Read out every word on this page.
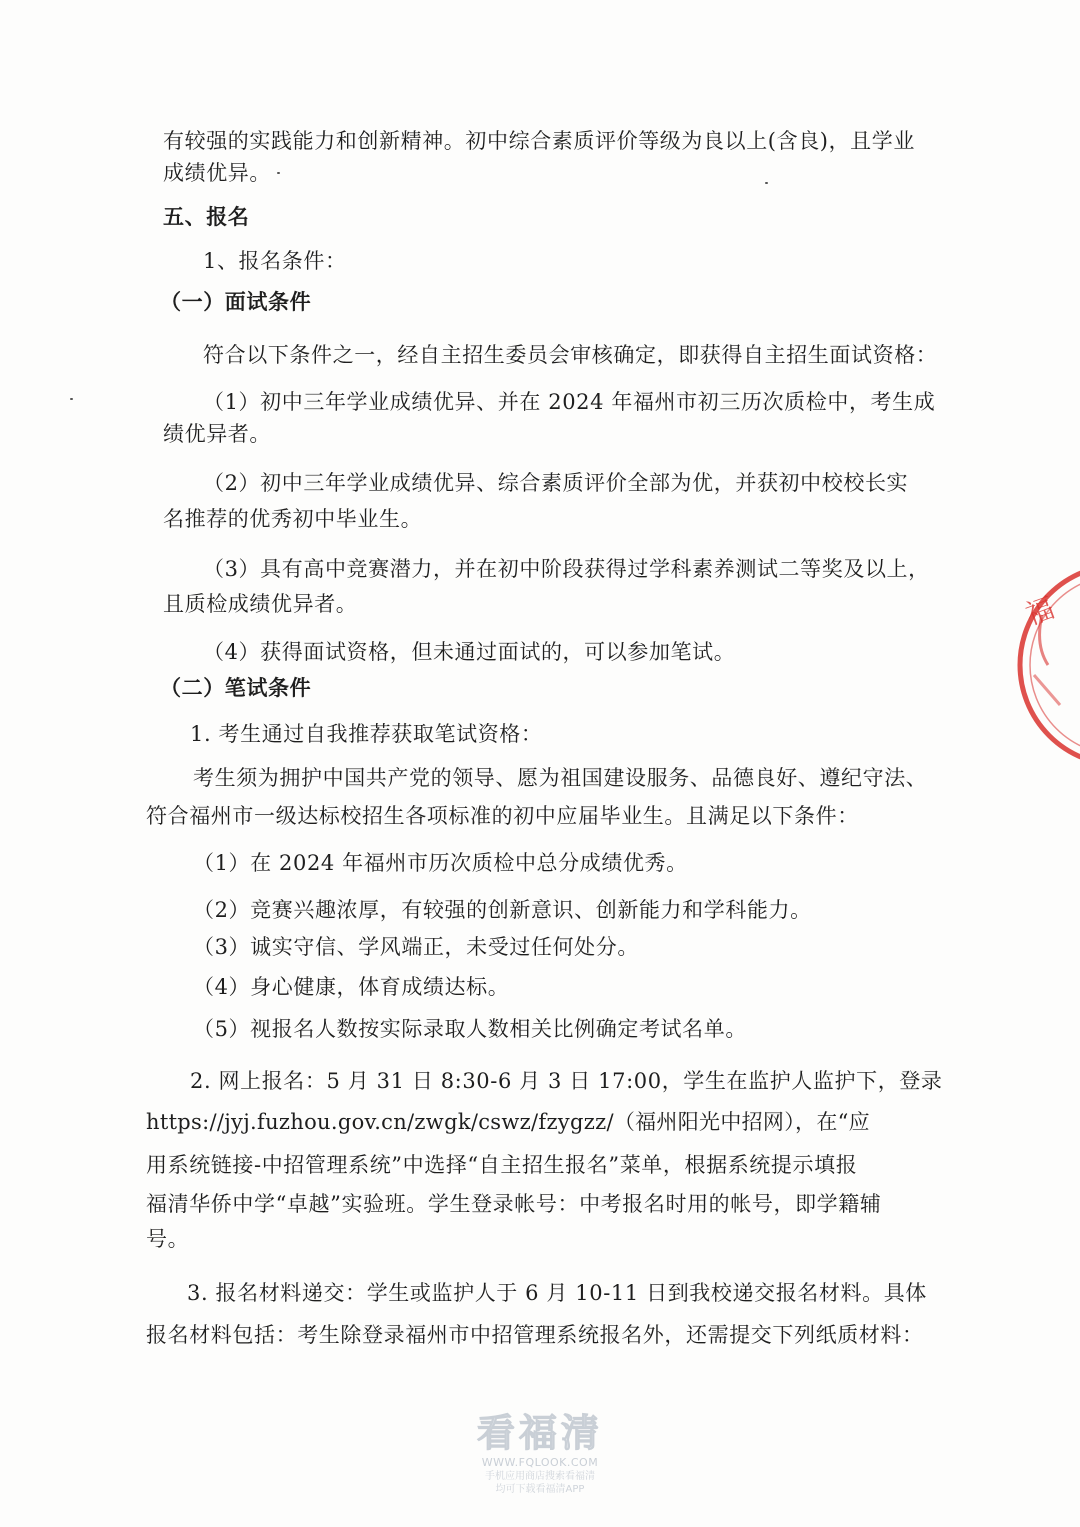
有较强的实践能力和创新精神。初中综合素质评价等级为良以上(含良)，且学业
成绩优异。
五、报名
1、报名条件：
（一）面试条件
符合以下条件之一，经自主招生委员会审核确定，即获得自主招生面试资格：
（1）初中三年学业成绩优异、并在 2024 年福州市初三历次质检中，考生成
绩优异者。
（2）初中三年学业成绩优异、综合素质评价全部为优，并获初中校校长实
名推荐的优秀初中毕业生。
（3）具有高中竞赛潜力，并在初中阶段获得过学科素养测试二等奖及以上，
且质检成绩优异者。
（4）获得面试资格，但未通过面试的，可以参加笔试。
（二）笔试条件
1. 考生通过自我推荐获取笔试资格：
考生须为拥护中国共产党的领导、愿为祖国建设服务、品德良好、遵纪守法、
符合福州市一级达标校招生各项标准的初中应届毕业生。且满足以下条件：
（1）在 2024 年福州市历次质检中总分成绩优秀。
（2）竞赛兴趣浓厚，有较强的创新意识、创新能力和学科能力。
（3）诚实守信、学风端正，未受过任何处分。
（4）身心健康，体育成绩达标。
（5）视报名人数按实际录取人数相关比例确定考试名单。
2. 网上报名：5 月 31 日 8:30-6 月 3 日 17:00，学生在监护人监护下，登录
https://jyj.fuzhou.gov.cn/zwgk/cswz/fzygzz/（福州阳光中招网），在“应
用系统链接-中招管理系统”中选择“自主招生报名”菜单，根据系统提示填报
福清华侨中学“卓越”实验班。学生登录帐号：中考报名时用的帐号，即学籍辅
号。
3. 报名材料递交：学生或监护人于 6 月 10-11 日到我校递交报名材料。具体
报名材料包括：考生除登录福州市中招管理系统报名外，还需提交下列纸质材料：
福
看福清
WWW.FQLOOK.COM
手机应用商店搜索看福清
均可下载看福清APP
